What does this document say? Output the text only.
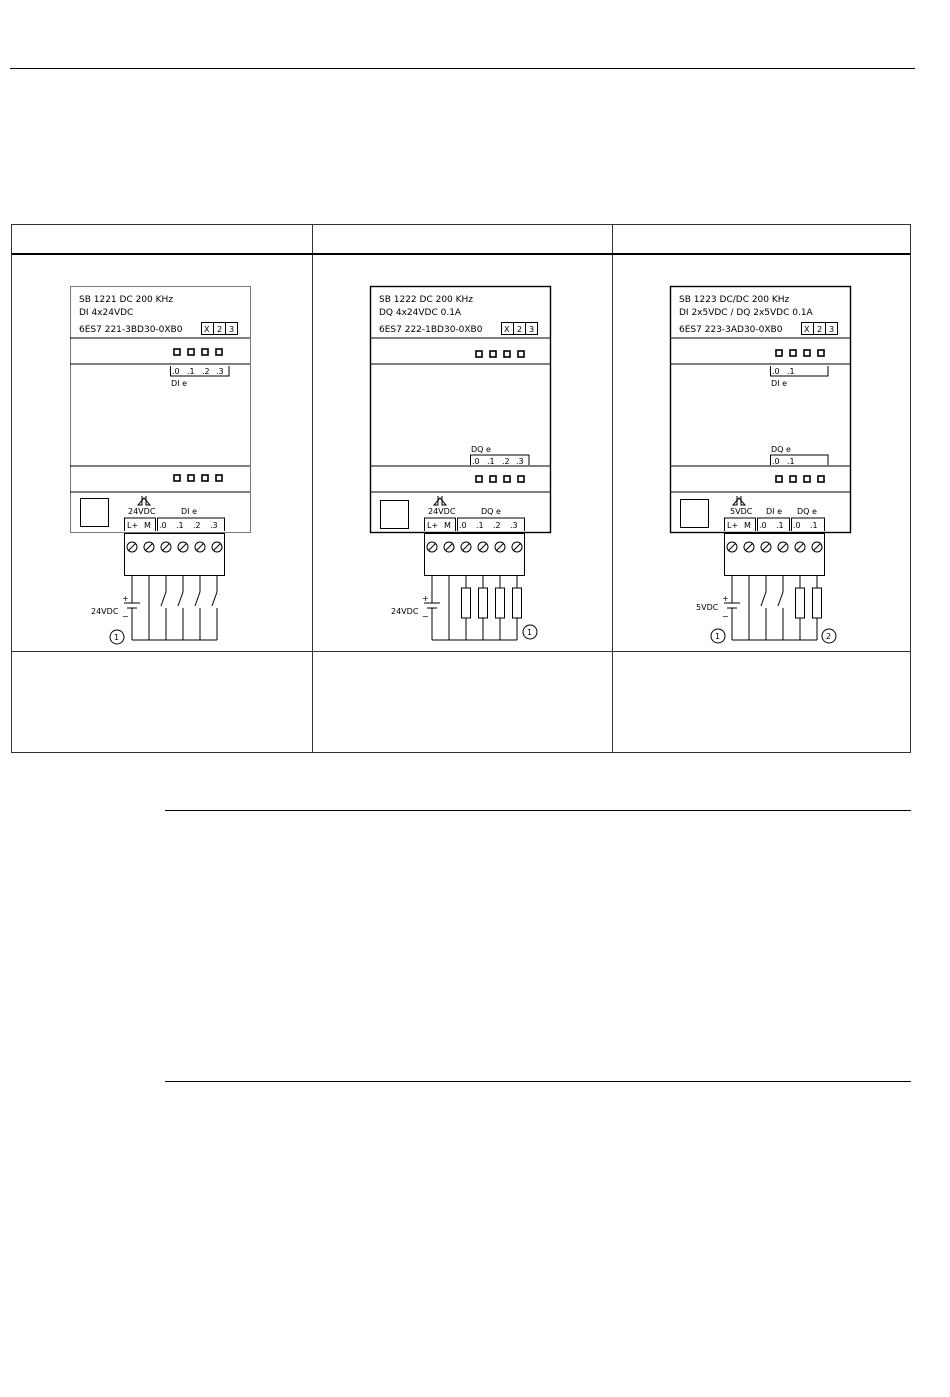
SB 1221 DC 200 KHz
DI 4x24VDC
6ES7 221-3BD30-0XB0	X 2 3
.0 .1 .2 .3
DI e
24VDC	DI e
L+ M .0 .1 .2 .3
+
−
24VDC
1
SB 1222 DC 200 KHz
DQ 4x24VDC 0.1A
6ES7 222-1BD30-0XB0	X 2 3
DQ e
.0 .1 .2 .3
24VDC	DQ e
L+ M .0 .1 .2 .3
+
−
24VDC
1
SB 1223 DC/DC 200 KHz
DI 2x5VDC / DQ 2x5VDC 0.1A
6ES7 223-3AD30-0XB0	X 2 3
.0 .1
DI e
DQ e
.0 .1
5VDC DI e DQ e
L+ M .0 .1 .0 .1
+
−
5VDC
1	2
